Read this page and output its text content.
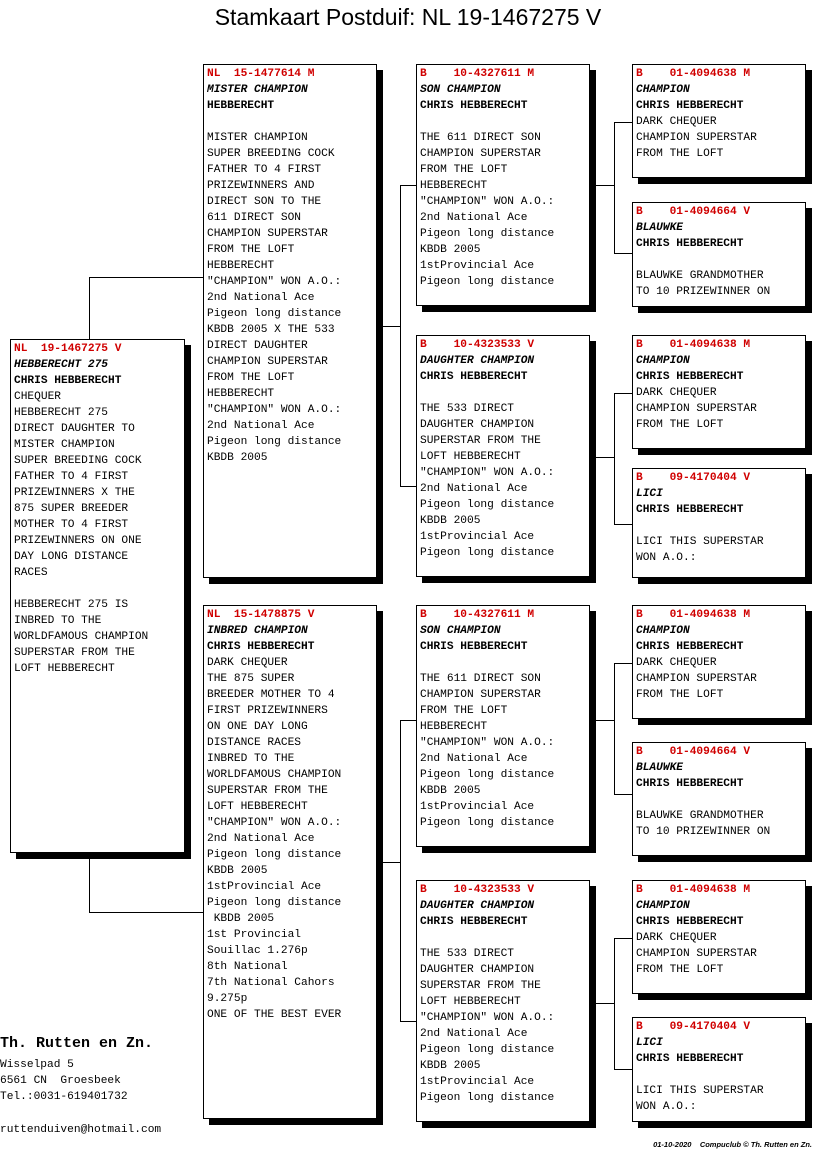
Stamkaart Postduif: NL 19-1467275 V
NL  19-1467275 V
HEBBERECHT 275
CHRIS HEBBERECHT
CHEQUER
HEBBERECHT 275
DIRECT DAUGHTER TO
MISTER CHAMPION
SUPER BREEDING COCK
FATHER TO 4 FIRST
PRIZEWINNERS X THE
875 SUPER BREEDER
MOTHER TO 4 FIRST
PRIZEWINNERS ON ONE
DAY LONG DISTANCE
RACES

HEBBERECHT 275 IS
INBRED TO THE
WORLDFAMOUS CHAMPION
SUPERSTAR FROM THE
LOFT HEBBERECHT
NL  15-1477614 M
MISTER CHAMPION
HEBBERECHT

MISTER CHAMPION
SUPER BREEDING COCK
FATHER TO 4 FIRST
PRIZEWINNERS AND
DIRECT SON TO THE
611 DIRECT SON
CHAMPION SUPERSTAR
FROM THE LOFT
HEBBERECHT
"CHAMPION" WON A.O.:
2nd National Ace
Pigeon long distance
KBDB 2005 X THE 533
DIRECT DAUGHTER
CHAMPION SUPERSTAR
FROM THE LOFT
HEBBERECHT
"CHAMPION" WON A.O.:
2nd National Ace
Pigeon long distance
KBDB 2005
NL  15-1478875 V
INBRED CHAMPION
CHRIS HEBBERECHT
DARK CHEQUER
THE 875 SUPER
BREEDER MOTHER TO 4
FIRST PRIZEWINNERS
ON ONE DAY LONG
DISTANCE RACES
INBRED TO THE
WORLDFAMOUS CHAMPION
SUPERSTAR FROM THE
LOFT HEBBERECHT
"CHAMPION" WON A.O.:
2nd National Ace
Pigeon long distance
KBDB 2005
1stProvincial Ace
Pigeon long distance
KBDB 2005
1st Provincial
Souillac 1.276p
8th National
7th National Cahors
9.275p
ONE OF THE BEST EVER
B    10-4327611 M
SON CHAMPION
CHRIS HEBBERECHT

THE 611 DIRECT SON
CHAMPION SUPERSTAR
FROM THE LOFT
HEBBERECHT
"CHAMPION" WON A.O.:
2nd National Ace
Pigeon long distance
KBDB 2005
1stProvincial Ace
Pigeon long distance
B    10-4323533 V
DAUGHTER CHAMPION
CHRIS HEBBERECHT

THE 533 DIRECT
DAUGHTER CHAMPION
SUPERSTAR FROM THE
LOFT HEBBERECHT
"CHAMPION" WON A.O.:
2nd National Ace
Pigeon long distance
KBDB 2005
1stProvincial Ace
Pigeon long distance
B    10-4327611 M
SON CHAMPION
CHRIS HEBBERECHT

THE 611 DIRECT SON
CHAMPION SUPERSTAR
FROM THE LOFT
HEBBERECHT
"CHAMPION" WON A.O.:
2nd National Ace
Pigeon long distance
KBDB 2005
1stProvincial Ace
Pigeon long distance
B    10-4323533 V
DAUGHTER CHAMPION
CHRIS HEBBERECHT

THE 533 DIRECT
DAUGHTER CHAMPION
SUPERSTAR FROM THE
LOFT HEBBERECHT
"CHAMPION" WON A.O.:
2nd National Ace
Pigeon long distance
KBDB 2005
1stProvincial Ace
Pigeon long distance
B    01-4094638 M
CHAMPION
CHRIS HEBBERECHT
DARK CHEQUER
CHAMPION SUPERSTAR
FROM THE LOFT
B    01-4094664 V
BLAUWKE
CHRIS HEBBERECHT

BLAUWKE GRANDMOTHER
TO 10 PRIZEWINNER ON
B    01-4094638 M
CHAMPION
CHRIS HEBBERECHT
DARK CHEQUER
CHAMPION SUPERSTAR
FROM THE LOFT
B    09-4170404 V
LICI
CHRIS HEBBERECHT

LICI THIS SUPERSTAR
WON A.O.:
B    01-4094638 M
CHAMPION
CHRIS HEBBERECHT
DARK CHEQUER
CHAMPION SUPERSTAR
FROM THE LOFT
B    01-4094664 V
BLAUWKE
CHRIS HEBBERECHT

BLAUWKE GRANDMOTHER
TO 10 PRIZEWINNER ON
B    01-4094638 M
CHAMPION
CHRIS HEBBERECHT
DARK CHEQUER
CHAMPION SUPERSTAR
FROM THE LOFT
B    09-4170404 V
LICI
CHRIS HEBBERECHT

LICI THIS SUPERSTAR
WON A.O.:
Th. Rutten en Zn.
Wisselpad 5
6561 CN  Groesbeek
Tel.:0031-619401732
ruttenduiven@hotmail.com
01-10-2020 Compuclub © Th. Rutten en Zn.
